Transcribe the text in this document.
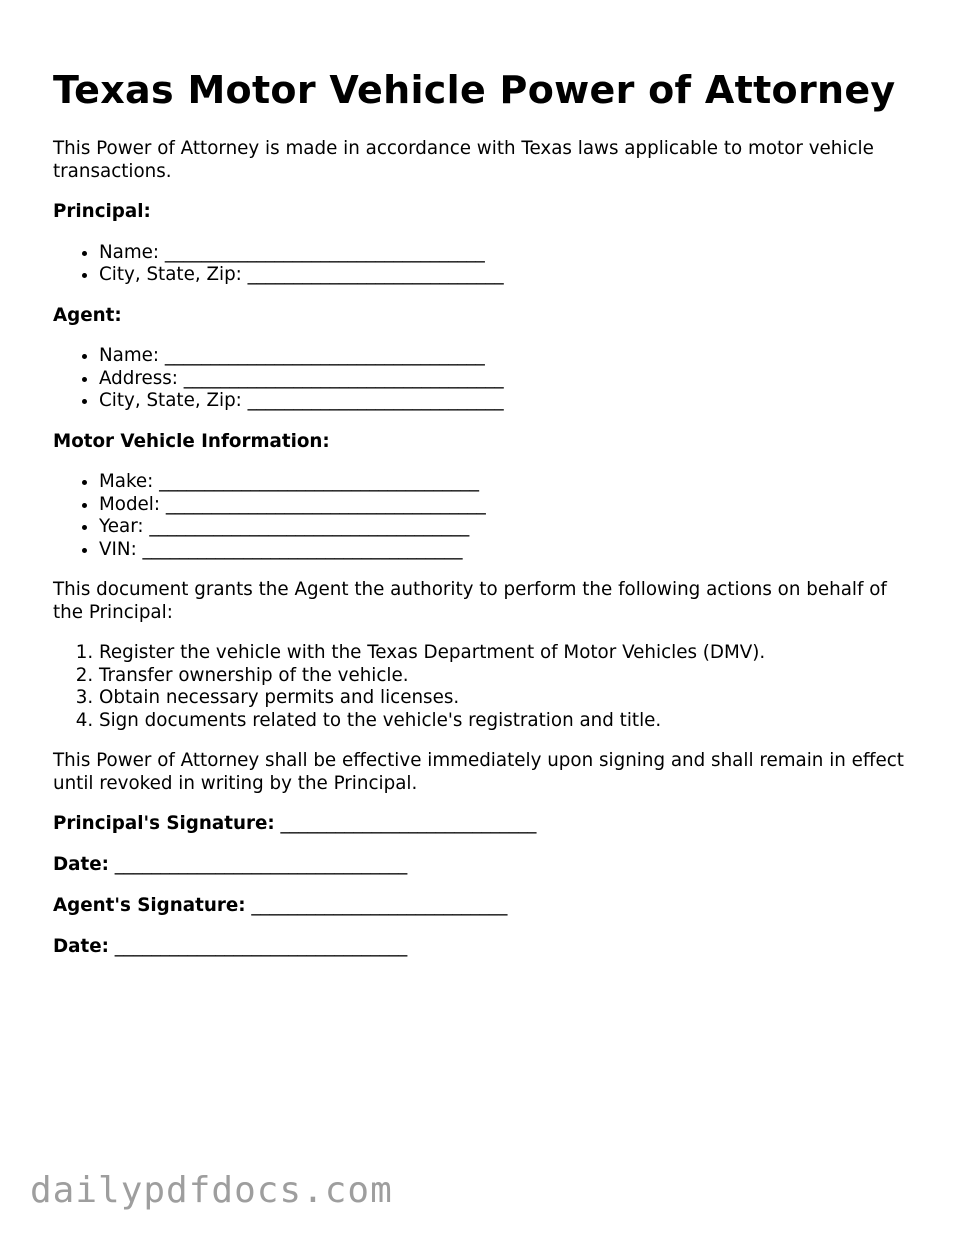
Texas Motor Vehicle Power of Attorney

This Power of Attorney is made in accordance with Texas laws applicable to motor vehicle transactions.

Principal:

• Name: ___________________________________
• City, State, Zip: ____________________________

Agent:

• Name: ___________________________________
• Address: ___________________________________
• City, State, Zip: ____________________________

Motor Vehicle Information:

• Make: ___________________________________
• Model: ___________________________________
• Year: ___________________________________
• VIN: ___________________________________

This document grants the Agent the authority to perform the following actions on behalf of the Principal:

1. Register the vehicle with the Texas Department of Motor Vehicles (DMV).
2. Transfer ownership of the vehicle.
3. Obtain necessary permits and licenses.
4. Sign documents related to the vehicle's registration and title.

This Power of Attorney shall be effective immediately upon signing and shall remain in effect until revoked in writing by the Principal.

Principal's Signature: ____________________________
Date: ________________________________
Agent's Signature: ____________________________
Date: ________________________________
dailypdfdocs.com
